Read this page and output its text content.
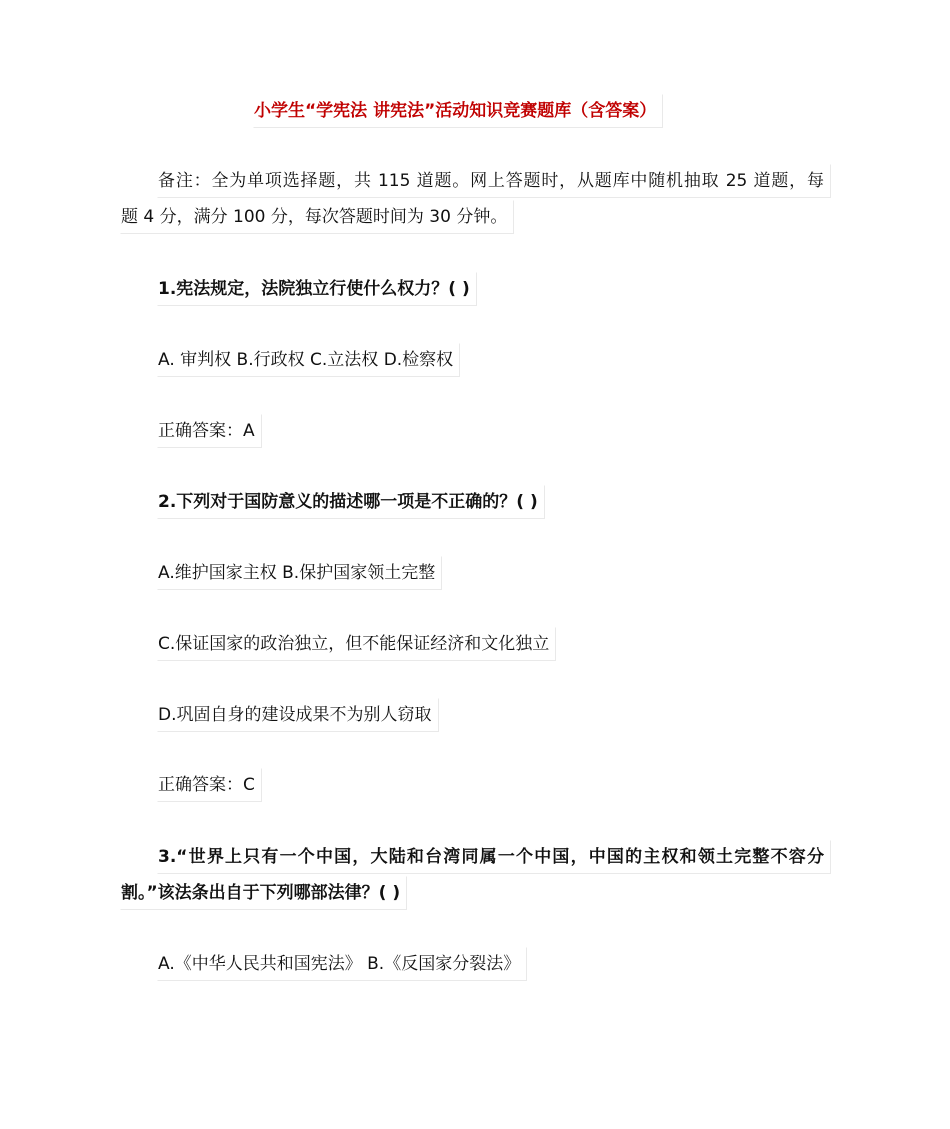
小学生“学宪法 讲宪法”活动知识竞赛题库（含答案）
备注：全为单项选择题，共 115 道题。网上答题时，从题库中随机抽取 25 道题，每
题 4 分，满分 100 分，每次答题时间为 30 分钟。
1.宪法规定，法院独立行使什么权力？( )
A. 审判权 B.行政权 C.立法权 D.检察权
正确答案：A
2.下列对于国防意义的描述哪一项是不正确的？( )
A.维护国家主权 B.保护国家领土完整
C.保证国家的政治独立，但不能保证经济和文化独立
D.巩固自身的建设成果不为别人窃取
正确答案：C
3.“世界上只有一个中国，大陆和台湾同属一个中国，中国的主权和领土完整不容分
割。”该法条出自于下列哪部法律？( )
A.《中华人民共和国宪法》 B.《反国家分裂法》
